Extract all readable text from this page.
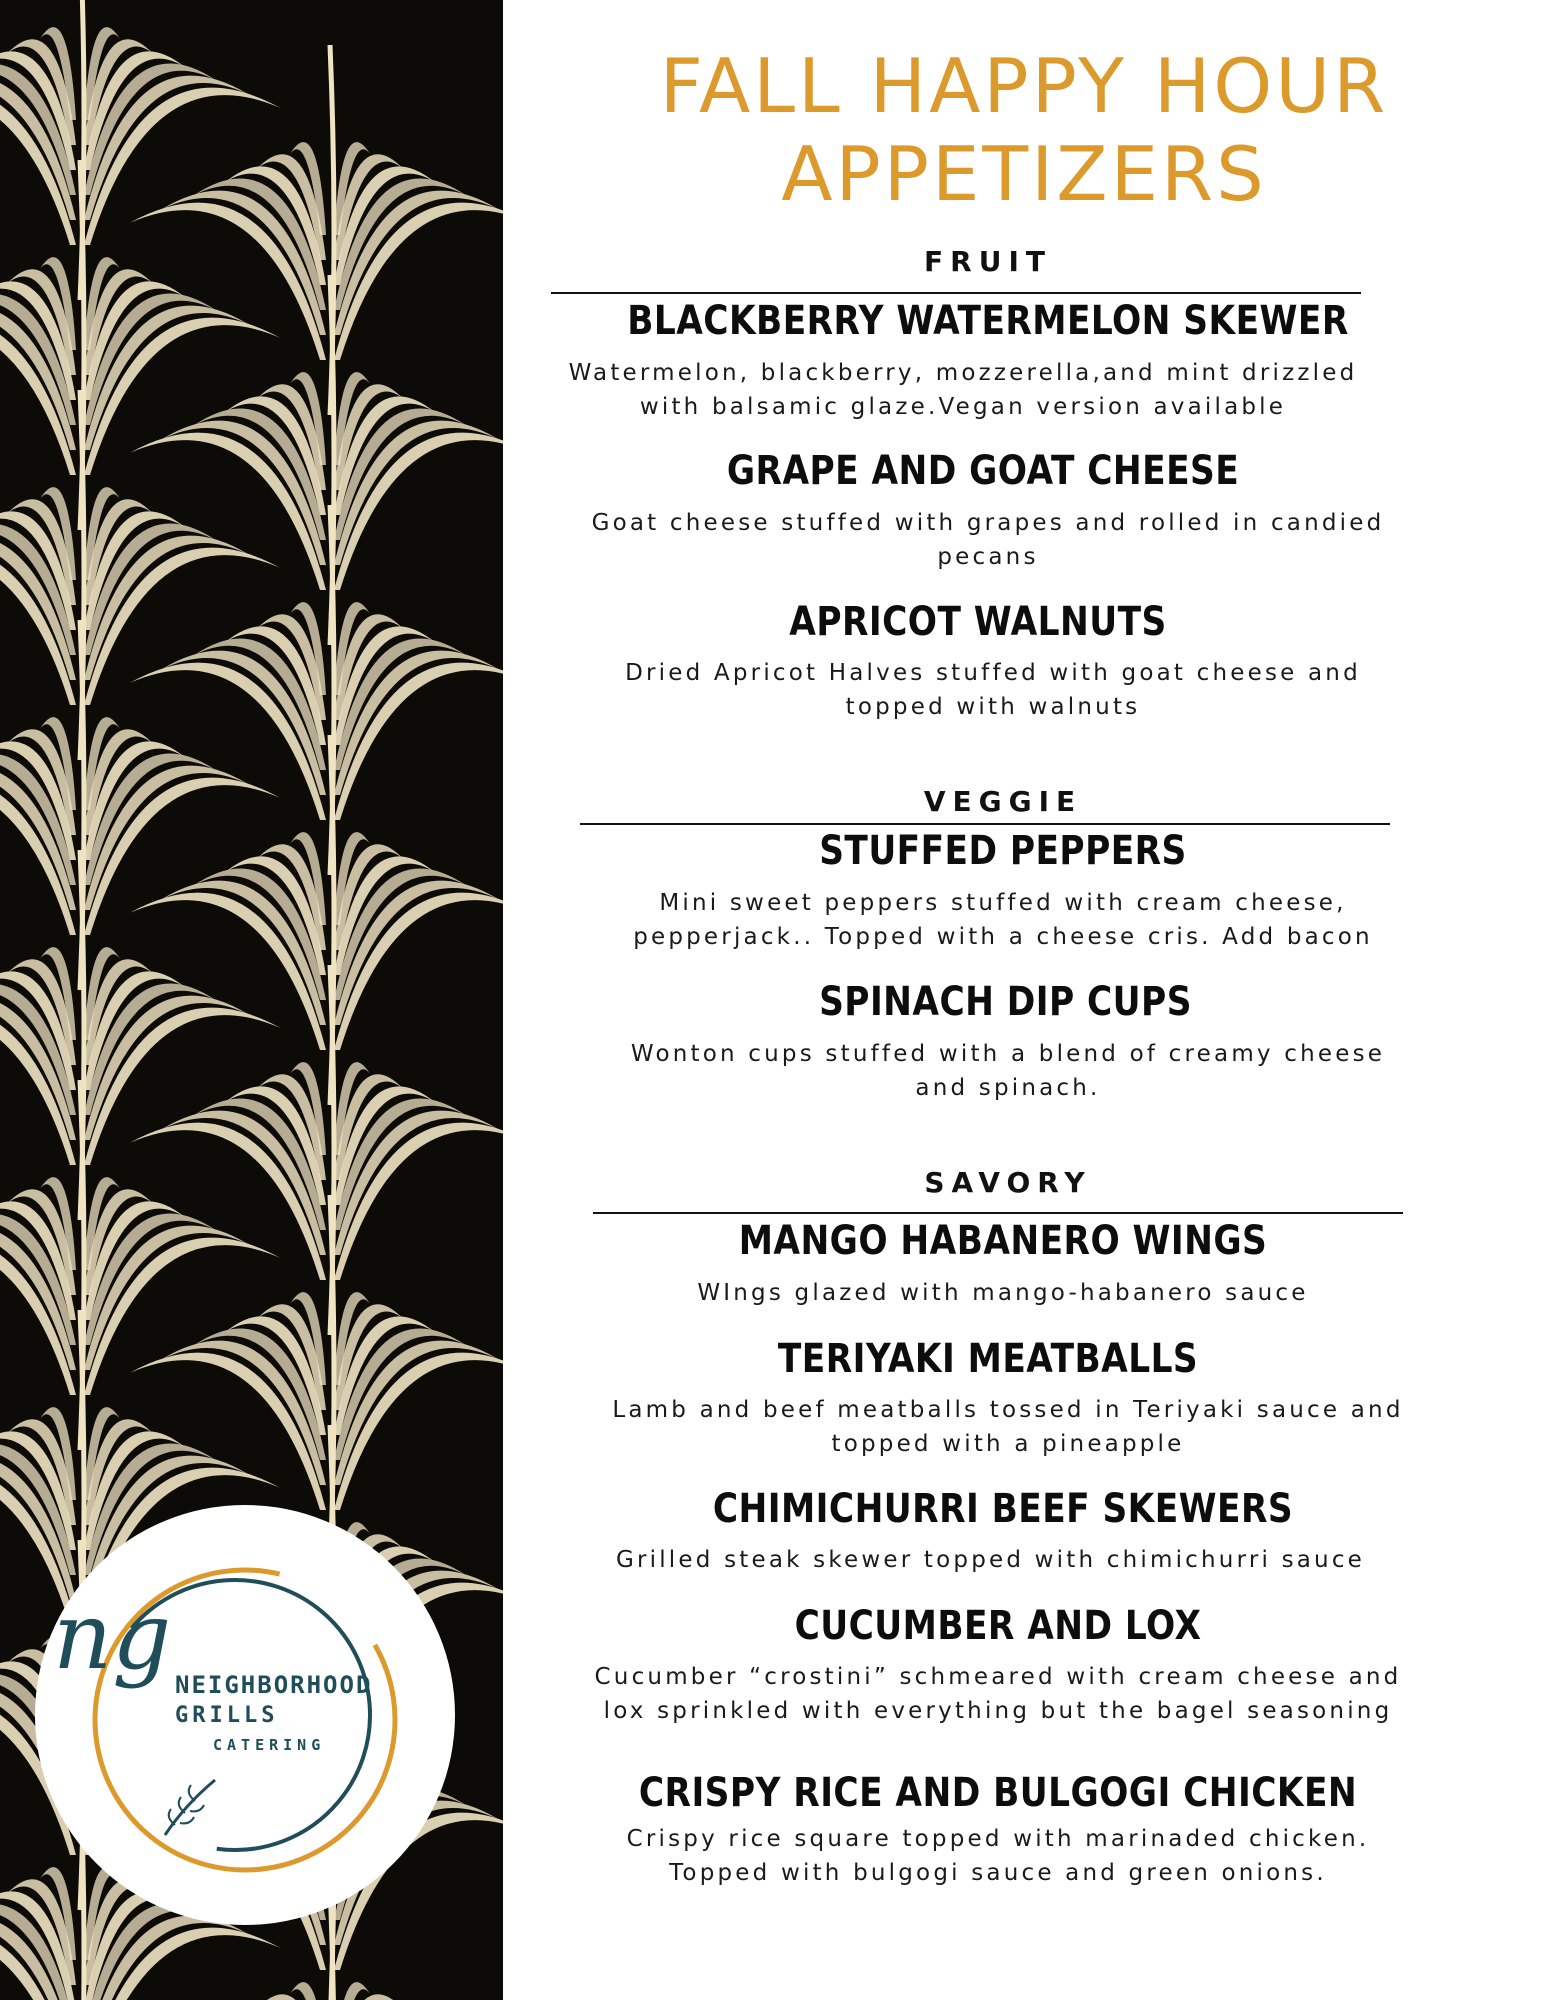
ng NEIGHBORHOOD
GRILLS
CATERING
FALL HAPPY HOUR
APPETIZERS
FRUIT
BLACKBERRY WATERMELON SKEWER
Watermelon, blackberry, mozzerella,and mint drizzled
with balsamic glaze.Vegan version available
GRAPE AND GOAT CHEESE
Goat cheese stuffed with grapes and rolled in candied
pecans
APRICOT WALNUTS
Dried Apricot Halves stuffed with goat cheese and
topped with walnuts
VEGGIE
STUFFED PEPPERS
Mini sweet peppers stuffed with cream cheese,
pepperjack.. Topped with a cheese cris. Add bacon
SPINACH DIP CUPS
Wonton cups stuffed with a blend of creamy cheese
and spinach.
SAVORY
MANGO HABANERO WINGS
WIngs glazed with mango-habanero sauce
TERIYAKI MEATBALLS
Lamb and beef meatballs tossed in Teriyaki sauce and
topped with a pineapple
CHIMICHURRI BEEF SKEWERS
Grilled steak skewer topped with chimichurri sauce
CUCUMBER AND LOX
Cucumber “crostini” schmeared with cream cheese and
lox sprinkled with everything but the bagel seasoning
CRISPY RICE AND BULGOGI CHICKEN
Crispy rice square topped with marinaded chicken.
Topped with bulgogi sauce and green onions.
